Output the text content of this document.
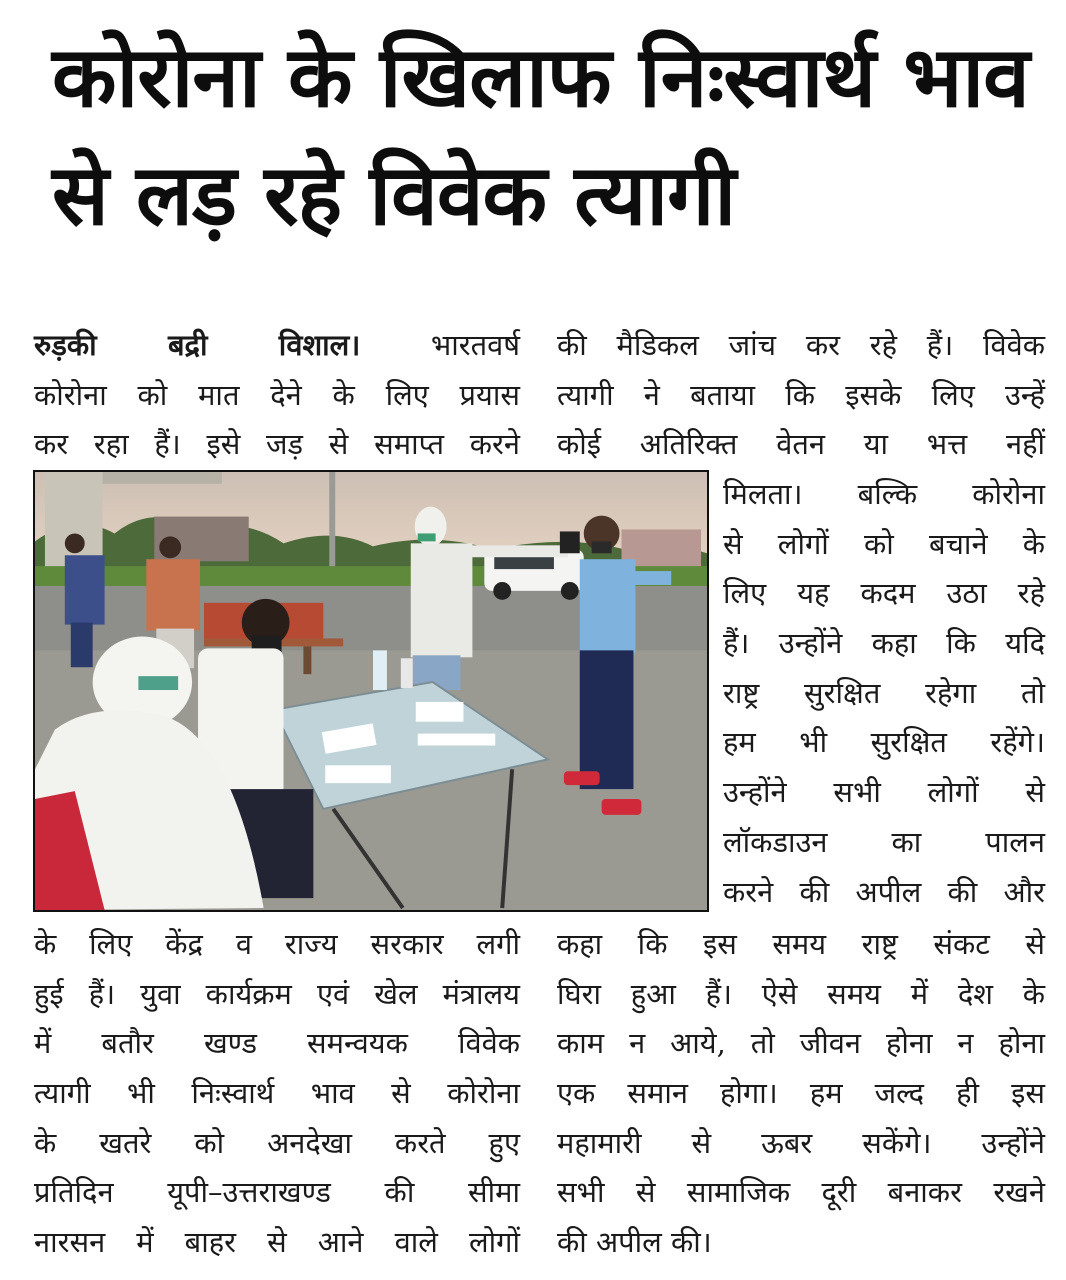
कोरोना के खिलाफ निःस्वार्थ भाव
से लड़ रहे विवेक त्यागी
रुड़की बद्री विशाल। भारतवर्ष
कोरोना को मात देने के लिए प्रयास
कर रहा हैं। इसे जड़ से समाप्त करने
की मैडिकल जांच कर रहे हैं। विवेक
त्यागी ने बताया कि इसके लिए उन्हें
कोई अतिरिक्त वेतन या भत्त नहीं
मिलता। बल्कि कोरोना
से लोगों को बचाने के
लिए यह कदम उठा रहे
हैं। उन्होंने कहा कि यदि
राष्ट्र सुरक्षित रहेगा तो
हम भी सुरक्षित रहेंगे।
उन्होंने सभी लोगों से
लॉकडाउन का पालन
करने की अपील की और
के लिए केंद्र व राज्य सरकार लगी
हुई हैं। युवा कार्यक्रम एवं खेल मंत्रालय
में बतौर खण्ड समन्वयक विवेक
त्यागी भी निःस्वार्थ भाव से कोरोना
के खतरे को अनदेखा करते हुए
प्रतिदिन यूपी–उत्तराखण्ड की सीमा
नारसन में बाहर से आने वाले लोगों
कहा कि इस समय राष्ट्र संकट से
घिरा हुआ हैं। ऐसे समय में देश के
काम न आये, तो जीवन होना न होना
एक समान होगा। हम जल्द ही इस
महामारी से ऊबर सकेंगे। उन्होंने
सभी से सामाजिक दूरी बनाकर रखने
की अपील की।
